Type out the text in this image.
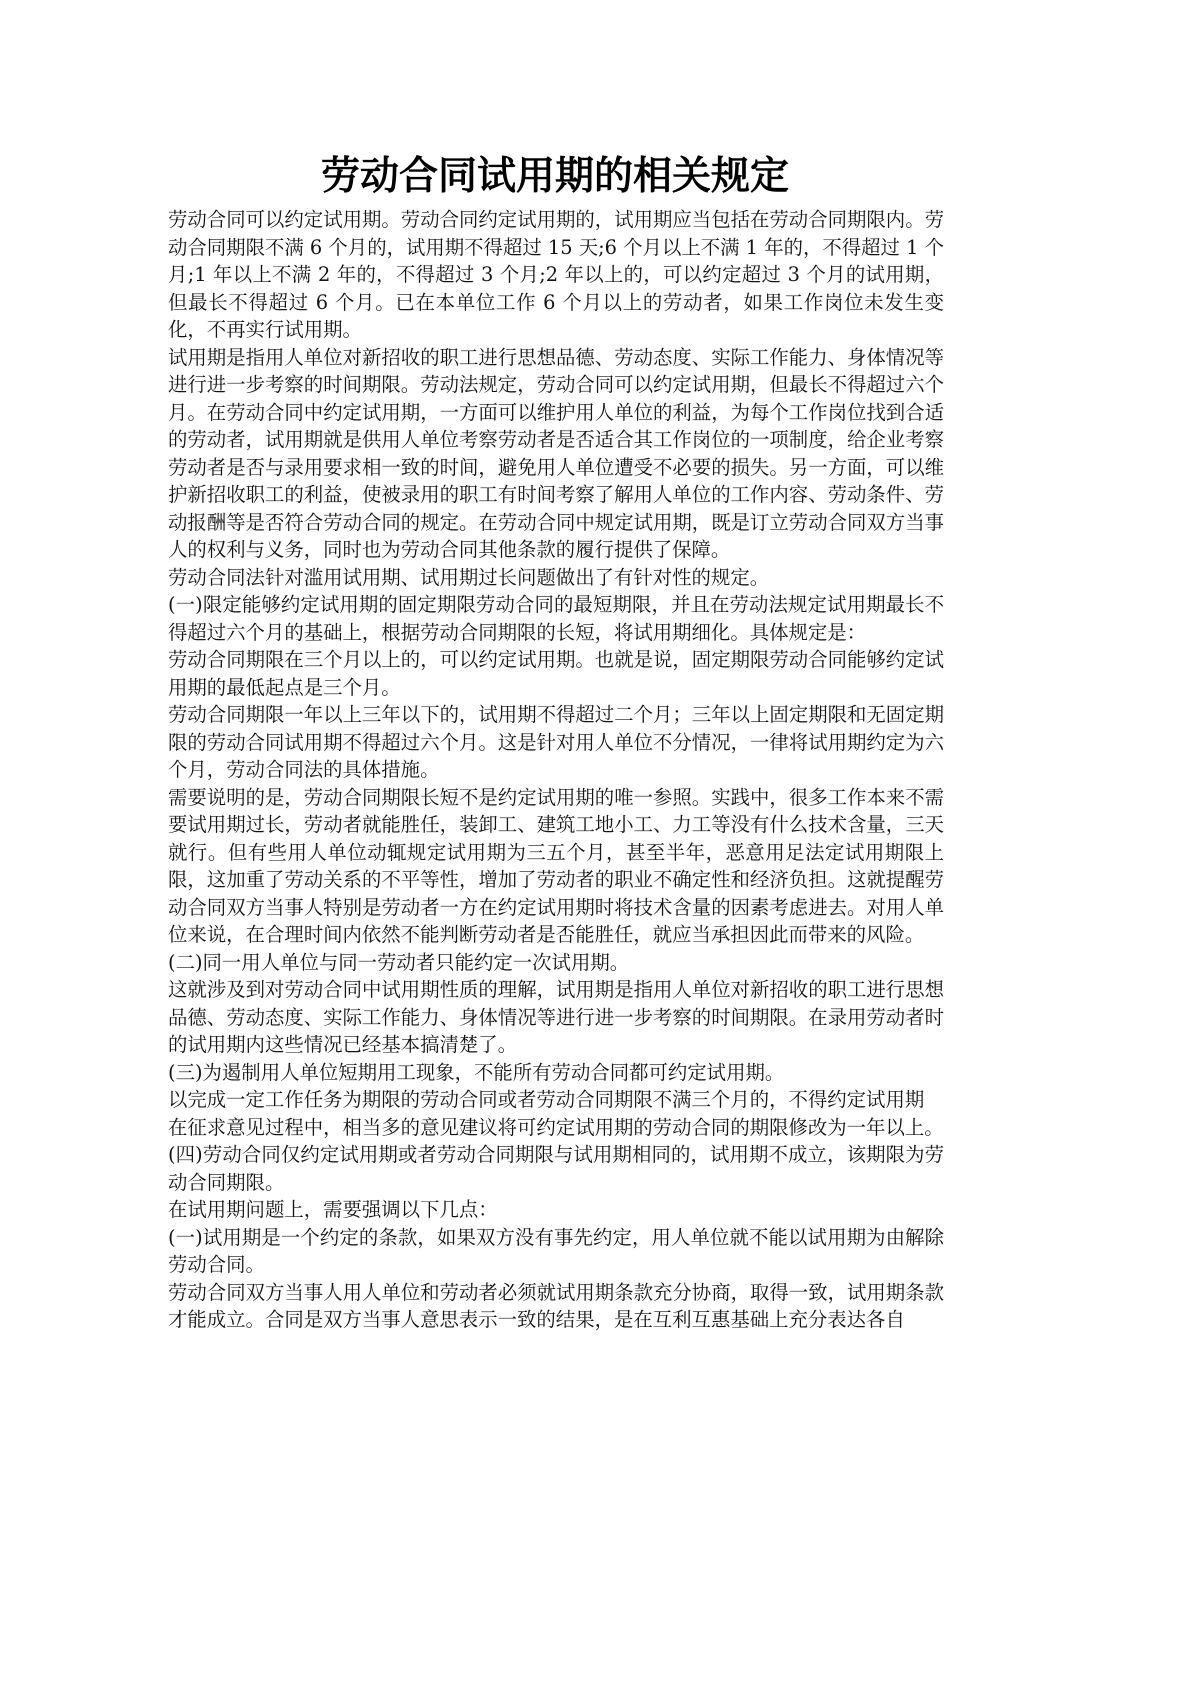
劳动合同试用期的相关规定

劳动合同可以约定试用期。劳动合同约定试用期的，试用期应当包括在劳动合同期限内。劳动合同期限不满 6 个月的，试用期不得超过 15 天;6 个月以上不满 1 年的，不得超过 1 个月;1 年以上不满 2 年的，不得超过 3 个月;2 年以上的，可以约定超过 3 个月的试用期，但最长不得超过 6 个月。已在本单位工作 6 个月以上的劳动者，如果工作岗位未发生变化，不再实行试用期。

试用期是指用人单位对新招收的职工进行思想品德、劳动态度、实际工作能力、身体情况等进行进一步考察的时间期限。劳动法规定，劳动合同可以约定试用期，但最长不得超过六个月。在劳动合同中约定试用期，一方面可以维护用人单位的利益，为每个工作岗位找到合适的劳动者，试用期就是供用人单位考察劳动者是否适合其工作岗位的一项制度，给企业考察劳动者是否与录用要求相一致的时间，避免用人单位遭受不必要的损失。另一方面，可以维护新招收职工的利益，使被录用的职工有时间考察了解用人单位的工作内容、劳动条件、劳动报酬等是否符合劳动合同的规定。在劳动合同中规定试用期，既是订立劳动合同双方当事人的权利与义务，同时也为劳动合同其他条款的履行提供了保障。

劳动合同法针对滥用试用期、试用期过长问题做出了有针对性的规定。

(一)限定能够约定试用期的固定期限劳动合同的最短期限，并且在劳动法规定试用期最长不得超过六个月的基础上，根据劳动合同期限的长短，将试用期细化。具体规定是：

劳动合同期限在三个月以上的，可以约定试用期。也就是说，固定期限劳动合同能够约定试用期的最低起点是三个月。

劳动合同期限一年以上三年以下的，试用期不得超过二个月；三年以上固定期限和无固定期限的劳动合同试用期不得超过六个月。这是针对用人单位不分情况，一律将试用期约定为六个月，劳动合同法的具体措施。

需要说明的是，劳动合同期限长短不是约定试用期的唯一参照。实践中，很多工作本来不需要试用期过长，劳动者就能胜任，装卸工、建筑工地小工、力工等没有什么技术含量，三天就行。但有些用人单位动辄规定试用期为三五个月，甚至半年，恶意用足法定试用期限上限，这加重了劳动关系的不平等性，增加了劳动者的职业不确定性和经济负担。这就提醒劳动合同双方当事人特别是劳动者一方在约定试用期时将技术含量的因素考虑进去。对用人单位来说，在合理时间内依然不能判断劳动者是否能胜任，就应当承担因此而带来的风险。

(二)同一用人单位与同一劳动者只能约定一次试用期。

这就涉及到对劳动合同中试用期性质的理解，试用期是指用人单位对新招收的职工进行思想品德、劳动态度、实际工作能力、身体情况等进行进一步考察的时间期限。在录用劳动者时的试用期内这些情况已经基本搞清楚了。

(三)为遏制用人单位短期用工现象，不能所有劳动合同都可约定试用期。

以完成一定工作任务为期限的劳动合同或者劳动合同期限不满三个月的，不得约定试用期

在征求意见过程中，相当多的意见建议将可约定试用期的劳动合同的期限修改为一年以上。

(四)劳动合同仅约定试用期或者劳动合同期限与试用期相同的，试用期不成立，该期限为劳动合同期限。

在试用期问题上，需要强调以下几点：

(一)试用期是一个约定的条款，如果双方没有事先约定，用人单位就不能以试用期为由解除劳动合同。

劳动合同双方当事人用人单位和劳动者必须就试用期条款充分协商，取得一致，试用期条款才能成立。合同是双方当事人意思表示一致的结果，是在互利互惠基础上充分表达各自
